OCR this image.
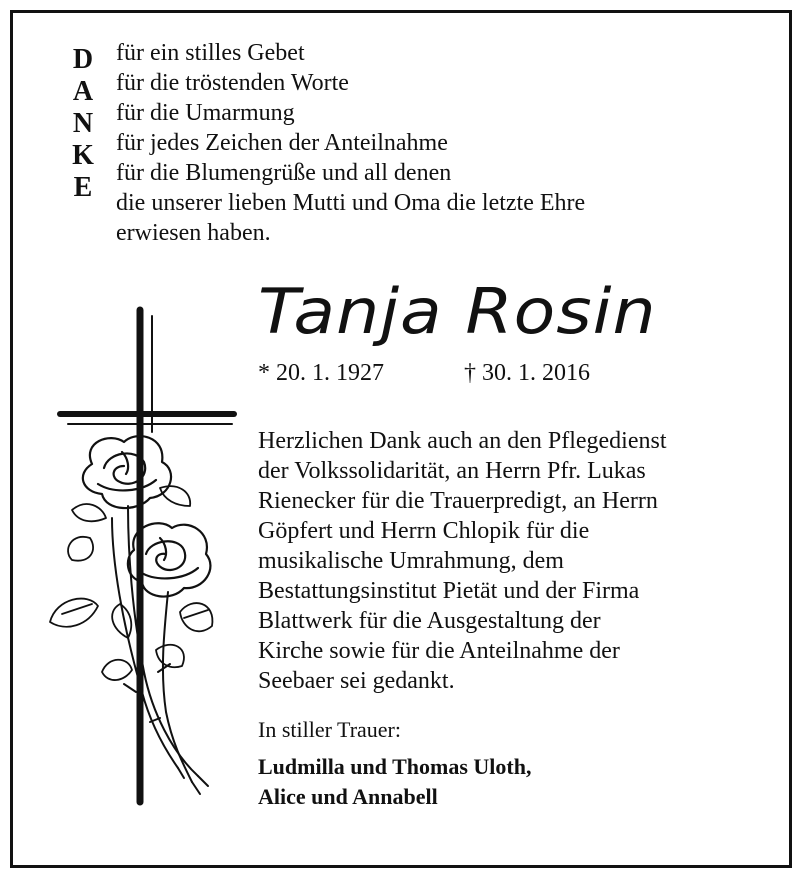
D
A
N
K
E
für ein stilles Gebet
für die tröstenden Worte
für die Umarmung
für jedes Zeichen der Anteilnahme
für die Blumengrüße und all denen
die unserer lieben Mutti und Oma die letzte Ehre
erwiesen haben.
Tanja Rosin
* 20. 1. 1927	† 30. 1. 2016
Herzlichen Dank auch an den Pflegedienst
der Volkssolidarität, an Herrn Pfr. Lukas
Rienecker für die Trauerpredigt, an Herrn
Göpfert und Herrn Chlopik für die
musikalische Umrahmung, dem
Bestattungsinstitut Pietät und der Firma
Blattwerk für die Ausgestaltung der
Kirche sowie für die Anteilnahme der
Seebaer sei gedankt.
In stiller Trauer:
Ludmilla und Thomas Uloth,
Alice und Annabell
